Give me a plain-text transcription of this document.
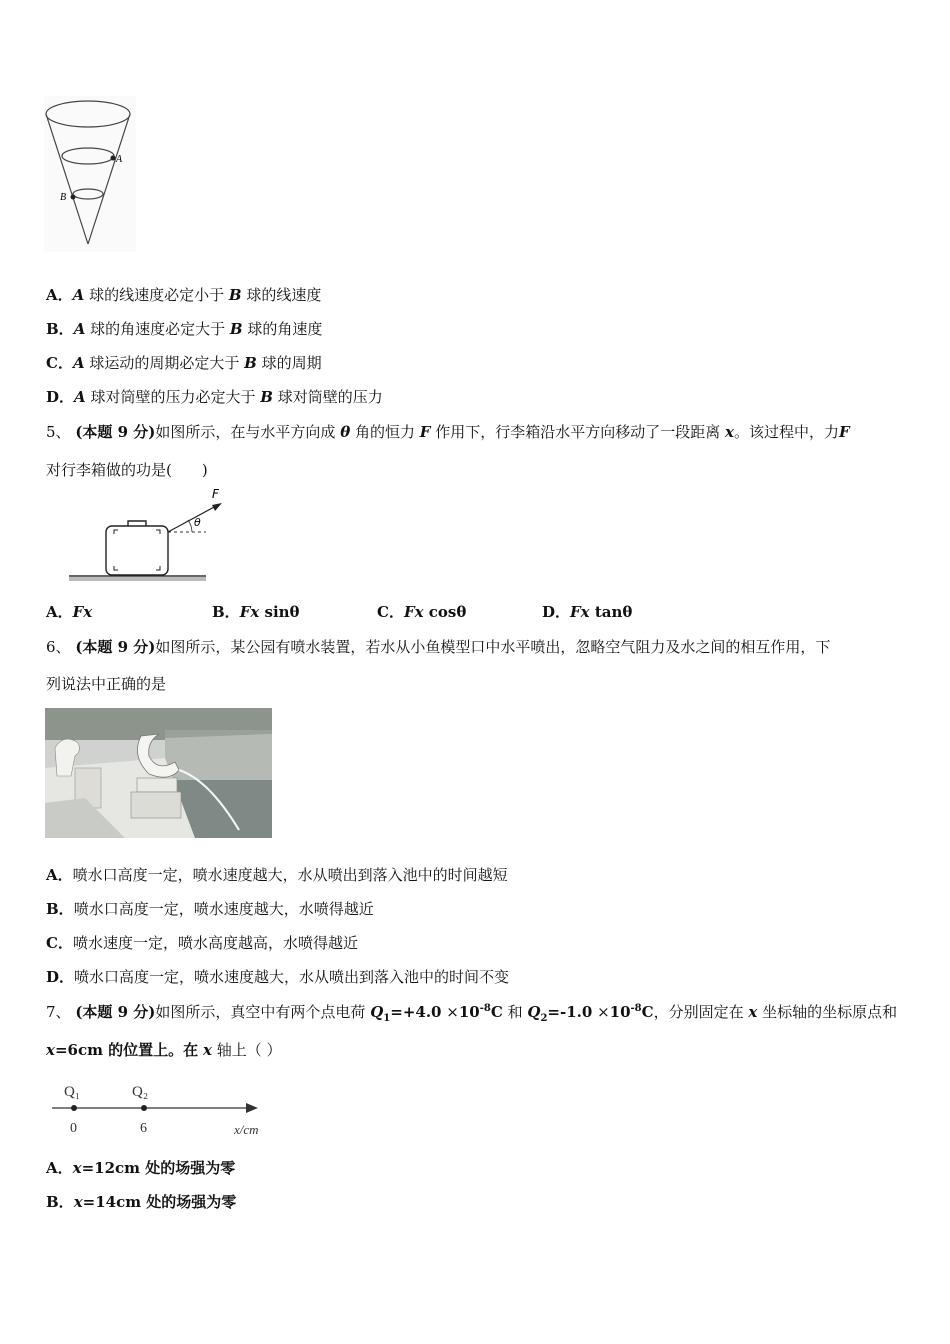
A
B
A．A 球的线速度必定小于 B 球的线速度
B．A 球的角速度必定大于 B 球的角速度
C．A 球运动的周期必定大于 B 球的周期
D．A 球对筒壁的压力必定大于 B 球对筒壁的压力
5、 (本题 9 分)如图所示，在与水平方向成 θ 角的恒力 F 作用下，行李箱沿水平方向移动了一段距离 x。该过程中，力F
对行李箱做的功是(　　)
θ
F
A．Fx	B．Fx sinθ	C．Fx cosθ	D．Fx tanθ
6、 (本题 9 分)如图所示，某公园有喷水装置，若水从小鱼模型口中水平喷出，忽略空气阻力及水之间的相互作用，下
列说法中正确的是
A．喷水口高度一定，喷水速度越大，水从喷出到落入池中的时间越短
B．喷水口高度一定，喷水速度越大，水喷得越近
C．喷水速度一定，喷水高度越高，水喷得越近
D．喷水口高度一定，喷水速度越大，水从喷出到落入池中的时间不变
7、 (本题 9 分)如图所示，真空中有两个点电荷 $Q_1=+4.0 \times 10^{-8}C$ 和 $Q_2=-1.0 \times 10^{-8}C$，分别固定在 x 坐标轴的坐标原点和
x=6cm 的位置上。在 x 轴上（ ）
Q₁	Q₂
0	6	x/cm
A．x=12cm 处的场强为零
B．x=14cm 处的场强为零
